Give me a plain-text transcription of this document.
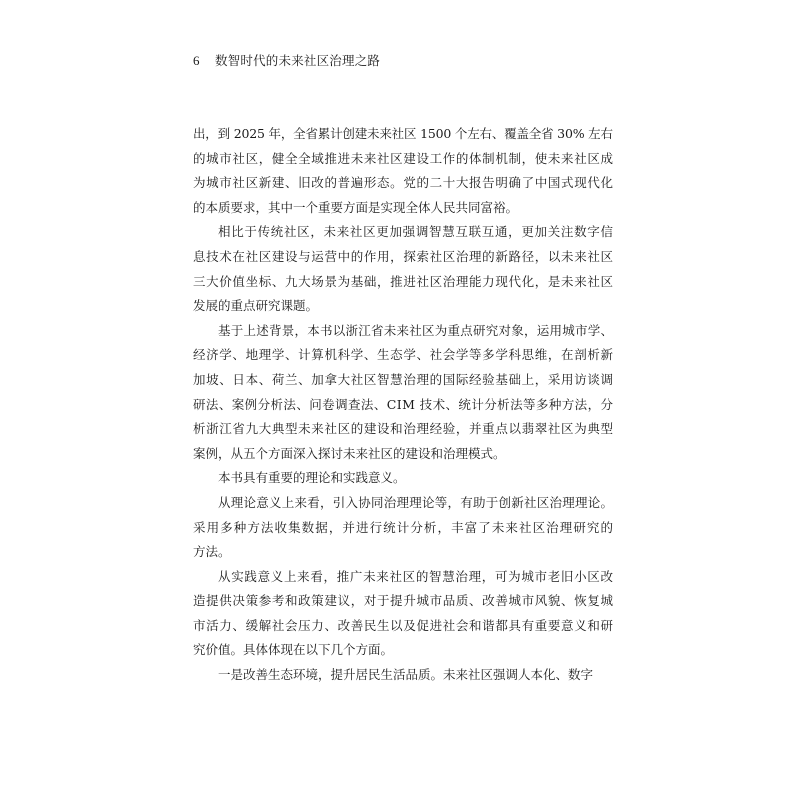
6 数智时代的未来社区治理之路
出，到 2025 年，全省累计创建未来社区 1500 个左右、覆盖全省 30% 左右
的城市社区，健全全域推进未来社区建设工作的体制机制，使未来社区成
为城市社区新建、旧改的普遍形态。党的二十大报告明确了中国式现代化
的本质要求，其中一个重要方面是实现全体人民共同富裕。
相比于传统社区，未来社区更加强调智慧互联互通，更加关注数字信
息技术在社区建设与运营中的作用，探索社区治理的新路径，以未来社区
三大价值坐标、九大场景为基础，推进社区治理能力现代化，是未来社区
发展的重点研究课题。
基于上述背景，本书以浙江省未来社区为重点研究对象，运用城市学、
经济学、地理学、计算机科学、生态学、社会学等多学科思维，在剖析新
加坡、日本、荷兰、加拿大社区智慧治理的国际经验基础上，采用访谈调
研法、案例分析法、问卷调查法、CIM 技术、统计分析法等多种方法，分
析浙江省九大典型未来社区的建设和治理经验，并重点以翡翠社区为典型
案例，从五个方面深入探讨未来社区的建设和治理模式。
本书具有重要的理论和实践意义。
从理论意义上来看，引入协同治理理论等，有助于创新社区治理理论。
采用多种方法收集数据，并进行统计分析，丰富了未来社区治理研究的
方法。
从实践意义上来看，推广未来社区的智慧治理，可为城市老旧小区改
造提供决策参考和政策建议，对于提升城市品质、改善城市风貌、恢复城
市活力、缓解社会压力、改善民生以及促进社会和谐都具有重要意义和研
究价值。具体体现在以下几个方面。
一是改善生态环境，提升居民生活品质。未来社区强调人本化、数字
